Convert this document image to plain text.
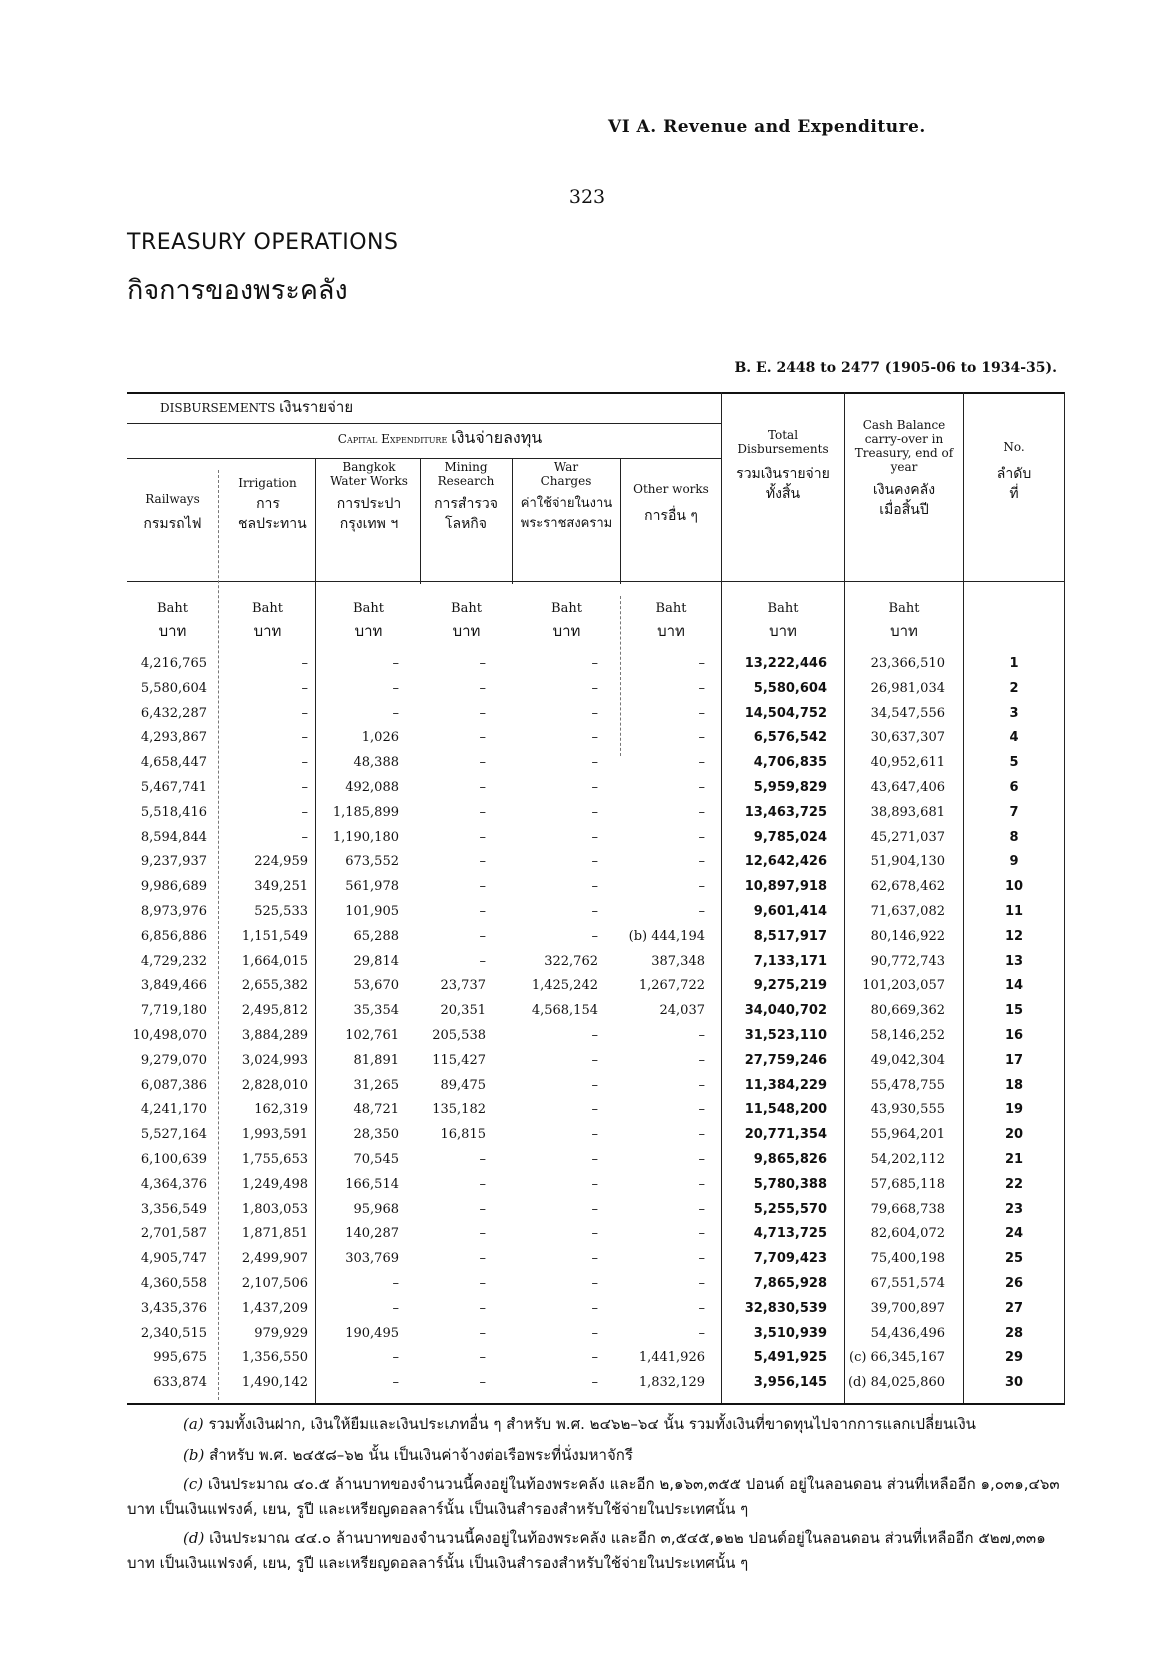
VI A. Revenue and Expenditure.
323
TREASURY OPERATIONS
กิจการของพระคลัง
B. E. 2448 to 2477 (1905-06 to 1934-35).
DISBURSEMENTS เงินรายจ่าย
Capital Expenditure เงินจ่ายลงทุน
Railways
กรมรถไฟ
Irrigation
การ ชลประทาน
Bangkok Water Works
การประปา กรุงเทพ ฯ
Mining Research
การสำรวจ โลหกิจ
War Charges
ค่าใช้จ่ายในงาน พระราชสงคราม
Other works
การอื่น ๆ
Total Disbursements
รวมเงินรายจ่าย ทั้งสิ้น
Cash Balance carry-over in Treasury, end of year
เงินคงคลัง เมื่อสิ้นปี
No.
ลำดับ ที่
Baht
บาท
Baht
บาท
Baht
บาท
Baht
บาท
Baht
บาท
Baht
บาท
Baht
บาท
Baht
บาท
4,216,765	–	–	–	–	–	13,222,446	23,366,510	1
5,580,604	–	–	–	–	–	5,580,604	26,981,034	2
6,432,287	–	–	–	–	–	14,504,752	34,547,556	3
4,293,867	–	1,026	–	–	–	6,576,542	30,637,307	4
4,658,447	–	48,388	–	–	–	4,706,835	40,952,611	5
5,467,741	–	492,088	–	–	–	5,959,829	43,647,406	6
5,518,416	–	1,185,899	–	–	–	13,463,725	38,893,681	7
8,594,844	–	1,190,180	–	–	–	9,785,024	45,271,037	8
9,237,937	224,959	673,552	–	–	–	12,642,426	51,904,130	9
9,986,689	349,251	561,978	–	–	–	10,897,918	62,678,462	10
8,973,976	525,533	101,905	–	–	–	9,601,414	71,637,082	11
6,856,886	1,151,549	65,288	–	–	(b) 444,194	8,517,917	80,146,922	12
4,729,232	1,664,015	29,814	–	322,762	387,348	7,133,171	90,772,743	13
3,849,466	2,655,382	53,670	23,737	1,425,242	1,267,722	9,275,219	101,203,057	14
7,719,180	2,495,812	35,354	20,351	4,568,154	24,037	34,040,702	80,669,362	15
10,498,070	3,884,289	102,761	205,538	–	–	31,523,110	58,146,252	16
9,279,070	3,024,993	81,891	115,427	–	–	27,759,246	49,042,304	17
6,087,386	2,828,010	31,265	89,475	–	–	11,384,229	55,478,755	18
4,241,170	162,319	48,721	135,182	–	–	11,548,200	43,930,555	19
5,527,164	1,993,591	28,350	16,815	–	–	20,771,354	55,964,201	20
6,100,639	1,755,653	70,545	–	–	–	9,865,826	54,202,112	21
4,364,376	1,249,498	166,514	–	–	–	5,780,388	57,685,118	22
3,356,549	1,803,053	95,968	–	–	–	5,255,570	79,668,738	23
2,701,587	1,871,851	140,287	–	–	–	4,713,725	82,604,072	24
4,905,747	2,499,907	303,769	–	–	–	7,709,423	75,400,198	25
4,360,558	2,107,506	–	–	–	–	7,865,928	67,551,574	26
3,435,376	1,437,209	–	–	–	–	32,830,539	39,700,897	27
2,340,515	979,929	190,495	–	–	–	3,510,939	54,436,496	28
995,675	1,356,550	–	–	–	1,441,926	5,491,925	(c) 66,345,167	29
633,874	1,490,142	–	–	–	1,832,129	3,956,145 (d) 84,025,860	30
(a) รวมทั้งเงินฝาก, เงินให้ยืมและเงินประเภทอื่น ๆ สำหรับ พ.ศ. ๒๔๖๒–๖๔ นั้น รวมทั้งเงินที่ขาดทุนไปจากการแลกเปลี่ยนเงิน
(b) สำหรับ พ.ศ. ๒๔๕๘–๖๒ นั้น เป็นเงินค่าจ้างต่อเรือพระที่นั่งมหาจักรี
(c) เงินประมาณ ๔๐.๕ ล้านบาทของจำนวนนี้คงอยู่ในท้องพระคลัง และอีก ๒,๑๖๓,๓๕๕ ปอนด์ อยู่ในลอนดอน ส่วนที่เหลืออีก ๑,๐๓๑,๔๖๓ บาท เป็นเงินแฟรงค์, เยน, รูปี และเหรียญดอลลาร์นั้น เป็นเงินสำรองสำหรับใช้จ่ายในประเทศนั้น ๆ
(d) เงินประมาณ ๔๔.๐ ล้านบาทของจำนวนนี้คงอยู่ในท้องพระคลัง และอีก ๓,๕๔๕,๑๒๒ ปอนด์อยู่ในลอนดอน ส่วนที่เหลืออีก ๕๒๗,๓๓๑ บาท เป็นเงินแฟรงค์, เยน, รูปี และเหรียญดอลลาร์นั้น เป็นเงินสำรองสำหรับใช้จ่ายในประเทศนั้น ๆ
